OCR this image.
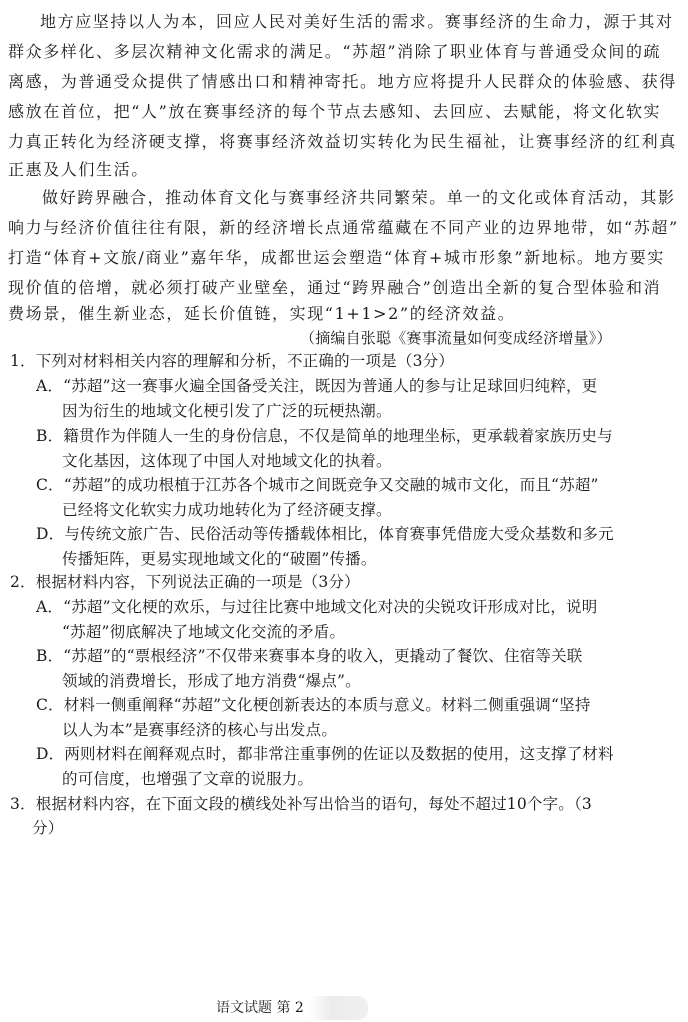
地方应坚持以人为本，回应人民对美好生活的需求。赛事经济的生命力，源于其对
群众多样化、多层次精神文化需求的满足。“苏超”消除了职业体育与普通受众间的疏
离感，为普通受众提供了情感出口和精神寄托。地方应将提升人民群众的体验感、获得
感放在首位，把“人”放在赛事经济的每个节点去感知、去回应、去赋能，将文化软实
力真正转化为经济硬支撑，将赛事经济效益切实转化为民生福祉，让赛事经济的红利真
正惠及人们生活。
做好跨界融合，推动体育文化与赛事经济共同繁荣。单一的文化或体育活动，其影
响力与经济价值往往有限，新的经济增长点通常蕴藏在不同产业的边界地带，如“苏超”
打造“体育+文旅/商业”嘉年华，成都世运会塑造“体育+城市形象”新地标。地方要实
现价值的倍增，就必须打破产业壁垒，通过“跨界融合”创造出全新的复合型体验和消
费场景，催生新业态，延长价值链，实现“1+1>2”的经济效益。
（摘编自张聪《赛事流量如何变成经济增量》）
1．下列对材料相关内容的理解和分析，不正确的一项是（3分）
A．“苏超”这一赛事火遍全国备受关注，既因为普通人的参与让足球回归纯粹，更
因为衍生的地域文化梗引发了广泛的玩梗热潮。
B．籍贯作为伴随人一生的身份信息，不仅是简单的地理坐标，更承载着家族历史与
文化基因，这体现了中国人对地域文化的执着。
C．“苏超”的成功根植于江苏各个城市之间既竞争又交融的城市文化，而且“苏超”
已经将文化软实力成功地转化为了经济硬支撑。
D．与传统文旅广告、民俗活动等传播载体相比，体育赛事凭借庞大受众基数和多元
传播矩阵，更易实现地域文化的“破圈”传播。
2．根据材料内容，下列说法正确的一项是（3分）
A．“苏超”文化梗的欢乐，与过往比赛中地域文化对决的尖锐攻讦形成对比，说明
“苏超”彻底解决了地域文化交流的矛盾。
B．“苏超”的“票根经济”不仅带来赛事本身的收入，更撬动了餐饮、住宿等关联
领域的消费增长，形成了地方消费“爆点”。
C．材料一侧重阐释“苏超”文化梗创新表达的本质与意义。材料二侧重强调“坚持
以人为本”是赛事经济的核心与出发点。
D．两则材料在阐释观点时，都非常注重事例的佐证以及数据的使用，这支撑了材料
的可信度，也增强了文章的说服力。
3．根据材料内容，在下面文段的横线处补写出恰当的语句，每处不超过10个字。（3
分）
语文试题 第 2
